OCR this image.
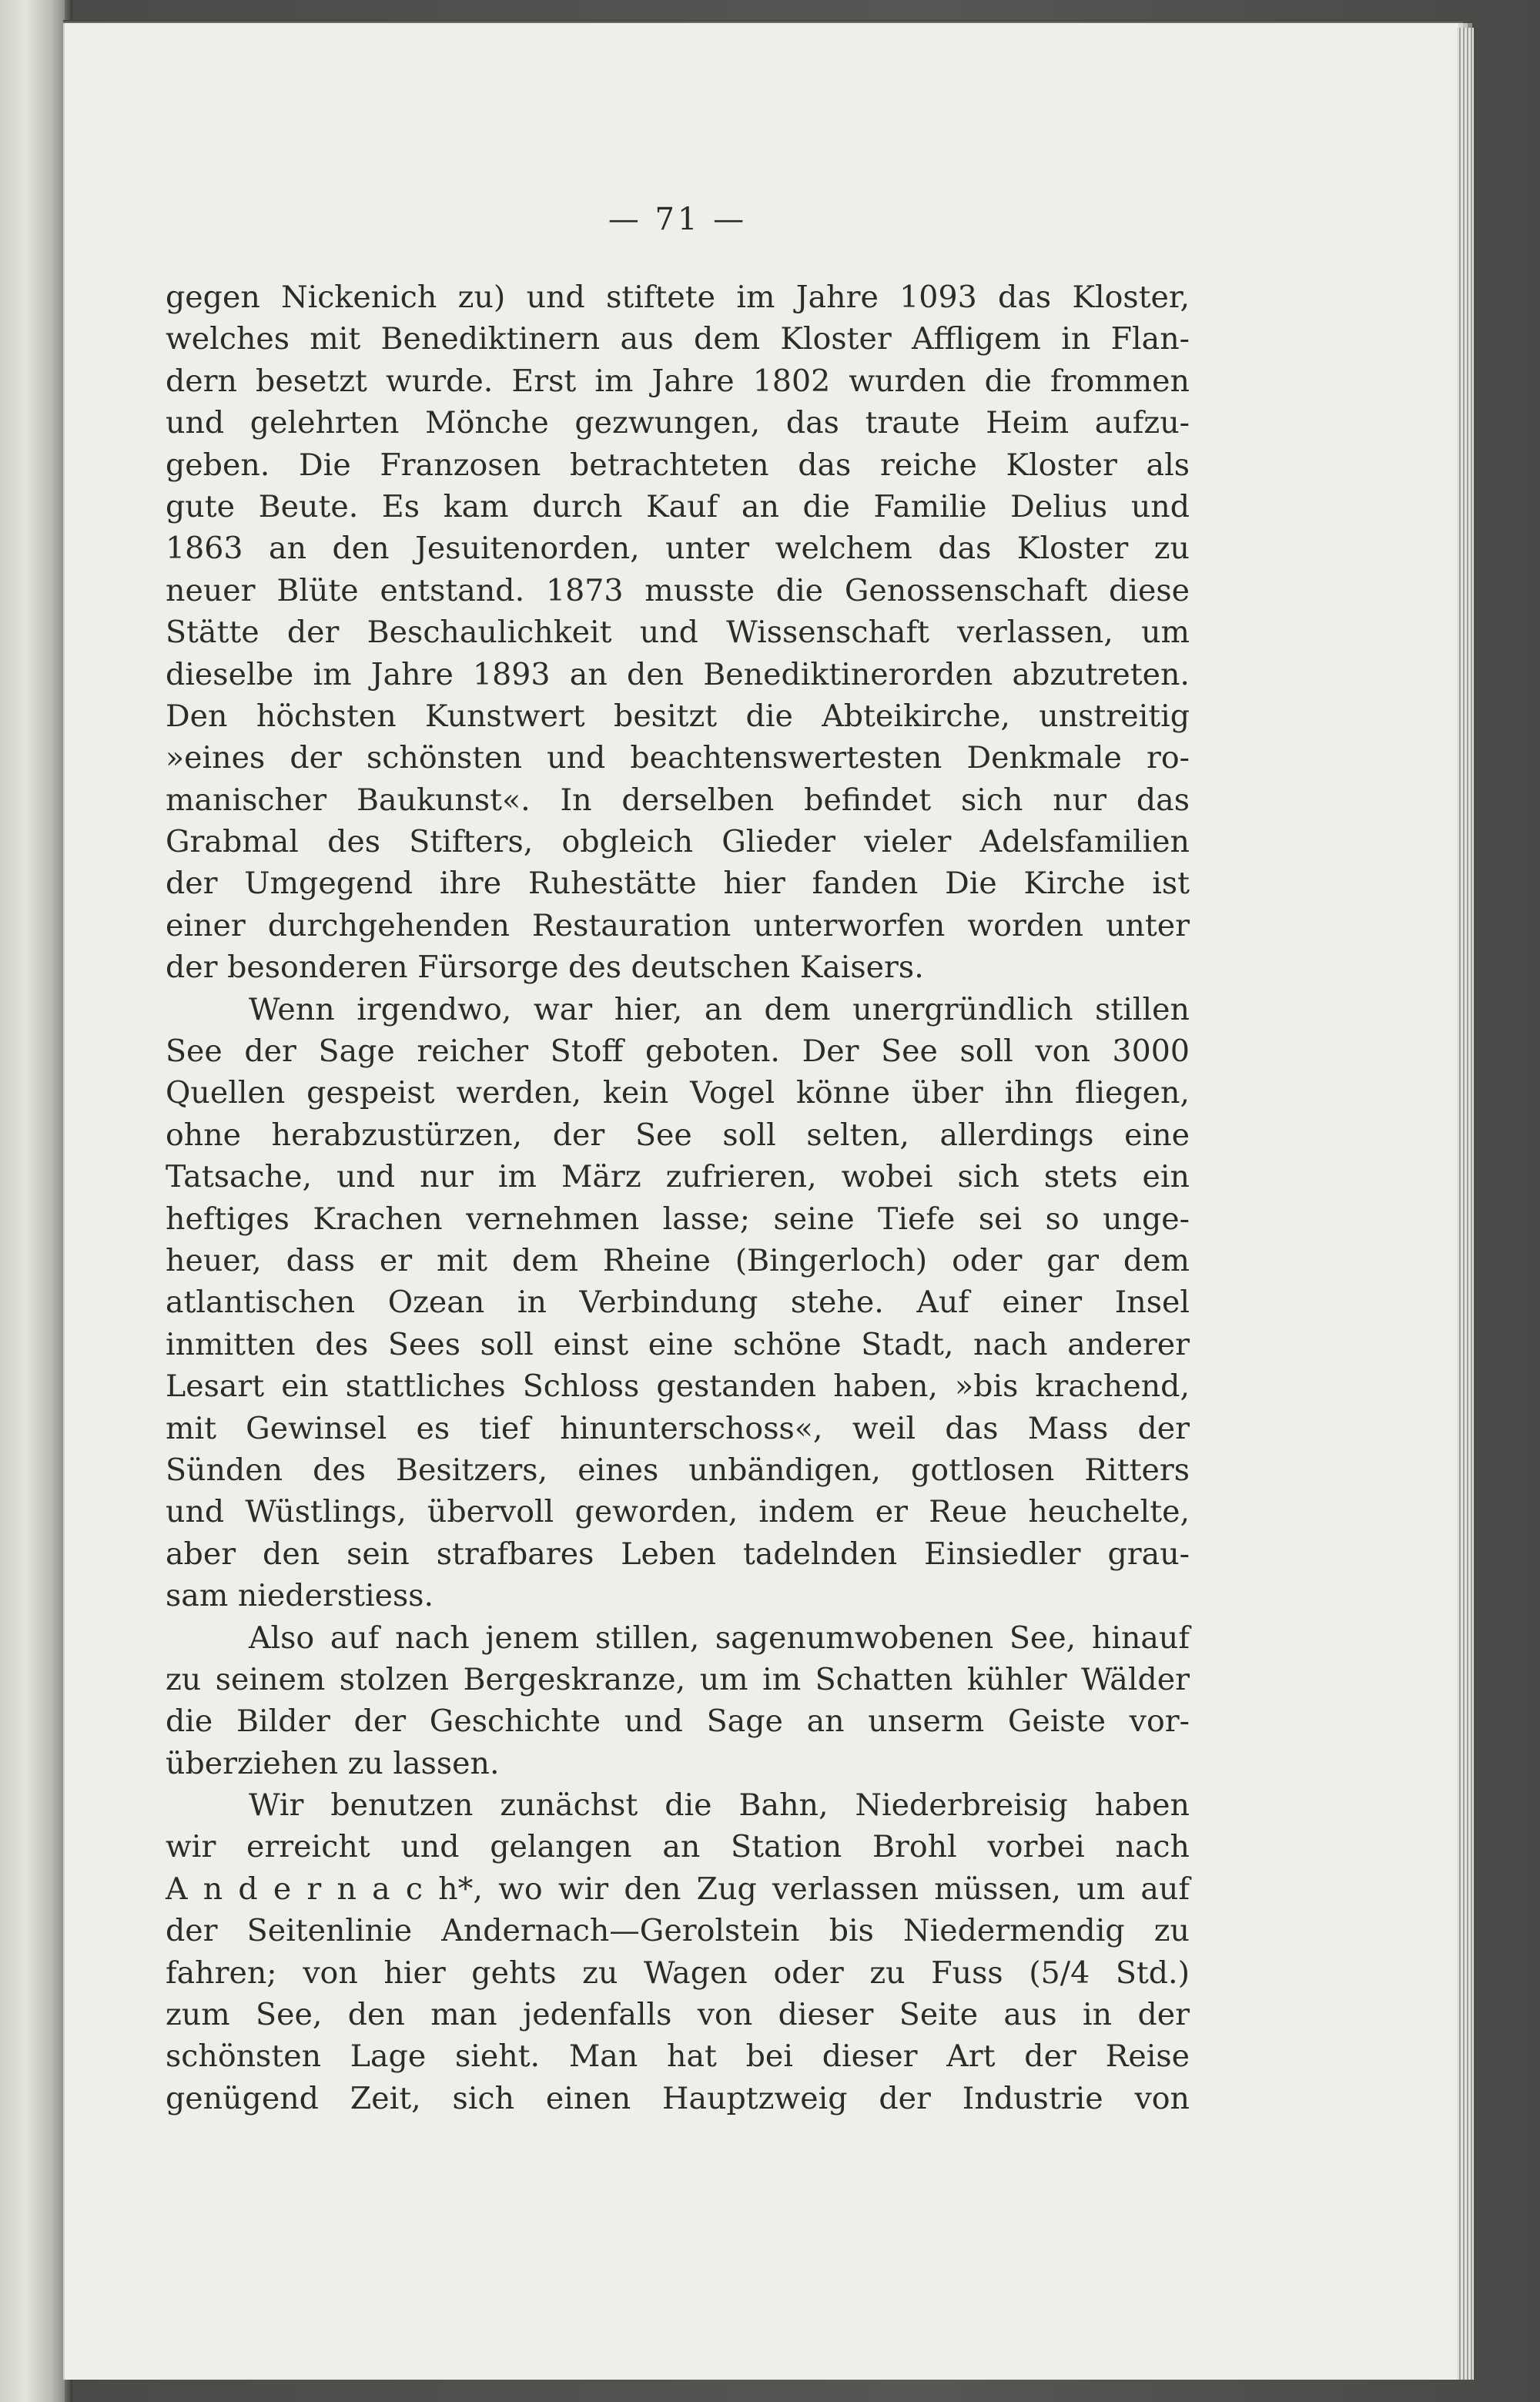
— 71 —
gegen Nickenich zu) und stiftete im Jahre 1093 das Kloster,
welches mit Benediktinern aus dem Kloster Affligem in Flan-
dern besetzt wurde. Erst im Jahre 1802 wurden die frommen
und gelehrten Mönche gezwungen, das traute Heim aufzu-
geben. Die Franzosen betrachteten das reiche Kloster als
gute Beute. Es kam durch Kauf an die Familie Delius und
1863 an den Jesuitenorden, unter welchem das Kloster zu
neuer Blüte entstand. 1873 musste die Genossenschaft diese
Stätte der Beschaulichkeit und Wissenschaft verlassen, um
dieselbe im Jahre 1893 an den Benediktinerorden abzutreten.
Den höchsten Kunstwert besitzt die Abteikirche, unstreitig
»eines der schönsten und beachtenswertesten Denkmale ro-
manischer Baukunst«. In derselben befindet sich nur das
Grabmal des Stifters, obgleich Glieder vieler Adelsfamilien
der Umgegend ihre Ruhestätte hier fanden Die Kirche ist
einer durchgehenden Restauration unterworfen worden unter
der besonderen Fürsorge des deutschen Kaisers.
Wenn irgendwo, war hier, an dem unergründlich stillen
See der Sage reicher Stoff geboten. Der See soll von 3000
Quellen gespeist werden, kein Vogel könne über ihn fliegen,
ohne herabzustürzen, der See soll selten, allerdings eine
Tatsache, und nur im März zufrieren, wobei sich stets ein
heftiges Krachen vernehmen lasse; seine Tiefe sei so unge-
heuer, dass er mit dem Rheine (Bingerloch) oder gar dem
atlantischen Ozean in Verbindung stehe. Auf einer Insel
inmitten des Sees soll einst eine schöne Stadt, nach anderer
Lesart ein stattliches Schloss gestanden haben, »bis krachend,
mit Gewinsel es tief hinunterschoss«, weil das Mass der
Sünden des Besitzers, eines unbändigen, gottlosen Ritters
und Wüstlings, übervoll geworden, indem er Reue heuchelte,
aber den sein strafbares Leben tadelnden Einsiedler grau-
sam niederstiess.
Also auf nach jenem stillen, sagenumwobenen See, hinauf
zu seinem stolzen Bergeskranze, um im Schatten kühler Wälder
die Bilder der Geschichte und Sage an unserm Geiste vor-
überziehen zu lassen.
Wir benutzen zunächst die Bahn, Niederbreisig haben
wir erreicht und gelangen an Station Brohl vorbei nach
A n d e r n a c h*, wo wir den Zug verlassen müssen, um auf
der Seitenlinie Andernach—Gerolstein bis Niedermendig zu
fahren; von hier gehts zu Wagen oder zu Fuss (5/4 Std.)
zum See, den man jedenfalls von dieser Seite aus in der
schönsten Lage sieht. Man hat bei dieser Art der Reise
genügend Zeit, sich einen Hauptzweig der Industrie von
